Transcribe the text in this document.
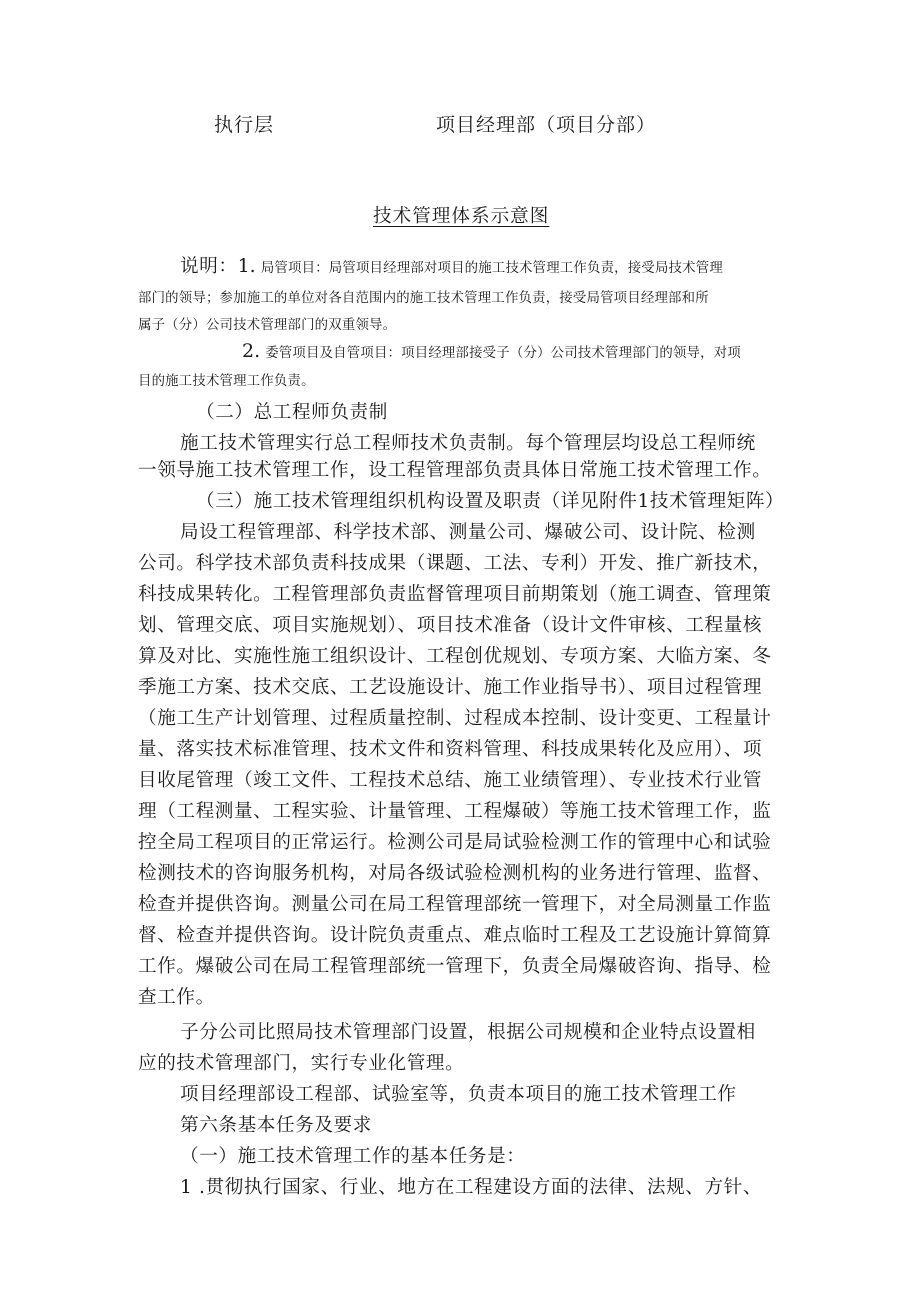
执行层	项目经理部（项目分部）
技术管理体系示意图
说明：1. 局管项目：局管项目经理部对项目的施工技术管理工作负责，接受局技术管理
部门的领导；参加施工的单位对各自范围内的施工技术管理工作负责，接受局管项目经理部和所
属子（分）公司技术管理部门的双重领导。
2. 委管项目及自管项目：项目经理部接受子（分）公司技术管理部门的领导，对项
目的施工技术管理工作负责。
（二）总工程师负责制
施工技术管理实行总工程师技术负责制。每个管理层均设总工程师统
一领导施工技术管理工作，设工程管理部负责具体日常施工技术管理工作。
（三）施工技术管理组织机构设置及职责（详见附件1技术管理矩阵）
局设工程管理部、科学技术部、测量公司、爆破公司、设计院、检测
公司。科学技术部负责科技成果（课题、工法、专利）开发、推广新技术，
科技成果转化。工程管理部负责监督管理项目前期策划（施工调查、管理策
划、管理交底、项目实施规划）、项目技术准备（设计文件审核、工程量核
算及对比、实施性施工组织设计、工程创优规划、专项方案、大临方案、冬
季施工方案、技术交底、工艺设施设计、施工作业指导书）、项目过程管理
（施工生产计划管理、过程质量控制、过程成本控制、设计变更、工程量计
量、落实技术标准管理、技术文件和资料管理、科技成果转化及应用）、项
目收尾管理（竣工文件、工程技术总结、施工业绩管理）、专业技术行业管
理（工程测量、工程实验、计量管理、工程爆破）等施工技术管理工作，监
控全局工程项目的正常运行。检测公司是局试验检测工作的管理中心和试验
检测技术的咨询服务机构，对局各级试验检测机构的业务进行管理、监督、
检查并提供咨询。测量公司在局工程管理部统一管理下，对全局测量工作监
督、检查并提供咨询。设计院负责重点、难点临时工程及工艺设施计算简算
工作。爆破公司在局工程管理部统一管理下，负责全局爆破咨询、指导、检
查工作。
子分公司比照局技术管理部门设置，根据公司规模和企业特点设置相
应的技术管理部门，实行专业化管理。
项目经理部设工程部、试验室等，负责本项目的施工技术管理工作
第六条基本任务及要求
（一）施工技术管理工作的基本任务是：
1 .贯彻执行国家、行业、地方在工程建设方面的法律、法规、方针、
